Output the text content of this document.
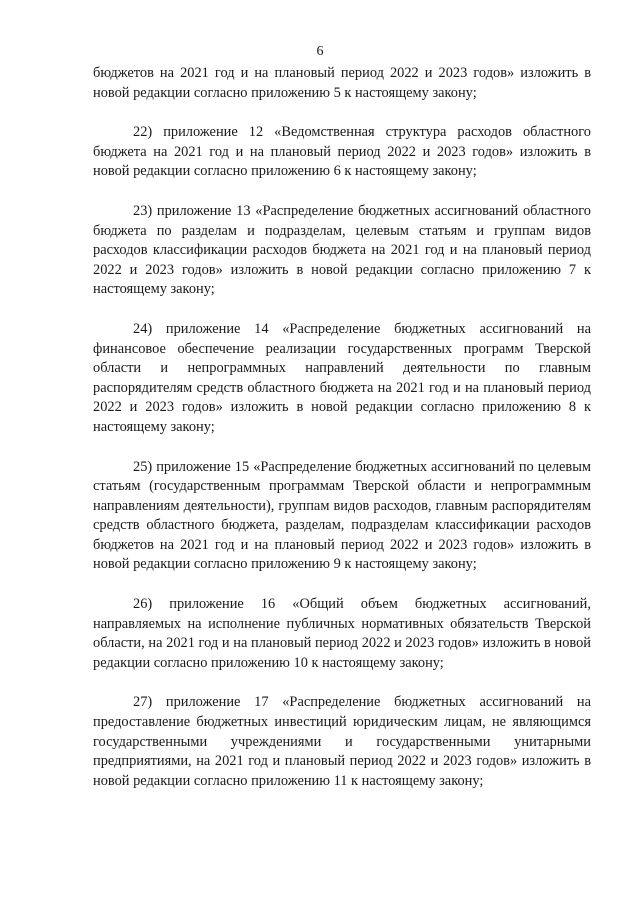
6

бюджетов на 2021 год и на плановый период 2022 и 2023 годов» изложить в новой редакции согласно приложению 5 к настоящему закону;

22) приложение 12 «Ведомственная структура расходов областного бюджета на 2021 год и на плановый период 2022 и 2023 годов» изложить в новой редакции согласно приложению 6 к настоящему закону;

23) приложение 13 «Распределение бюджетных ассигнований областного бюджета по разделам и подразделам, целевым статьям и группам видов расходов классификации расходов бюджета на 2021 год и на плановый период 2022 и 2023 годов» изложить в новой редакции согласно приложению 7 к настоящему закону;

24) приложение 14 «Распределение бюджетных ассигнований на финансовое обеспечение реализации государственных программ Тверской области и непрограммных направлений деятельности по главным распорядителям средств областного бюджета на 2021 год и на плановый период 2022 и 2023 годов» изложить в новой редакции согласно приложению 8 к настоящему закону;

25) приложение 15 «Распределение бюджетных ассигнований по целевым статьям (государственным программам Тверской области и непрограммным направлениям деятельности), группам видов расходов, главным распорядителям средств областного бюджета, разделам, подразделам классификации расходов бюджетов на 2021 год и на плановый период 2022 и 2023 годов» изложить в новой редакции согласно приложению 9 к настоящему закону;

26) приложение 16 «Общий объем бюджетных ассигнований, направляемых на исполнение публичных нормативных обязательств Тверской области, на 2021 год и на плановый период 2022 и 2023 годов» изложить в новой редакции согласно приложению 10 к настоящему закону;

27) приложение 17 «Распределение бюджетных ассигнований на предоставление бюджетных инвестиций юридическим лицам, не являющимся государственными учреждениями и государственными унитарными предприятиями, на 2021 год и плановый период 2022 и 2023 годов» изложить в новой редакции согласно приложению 11 к настоящему закону;
